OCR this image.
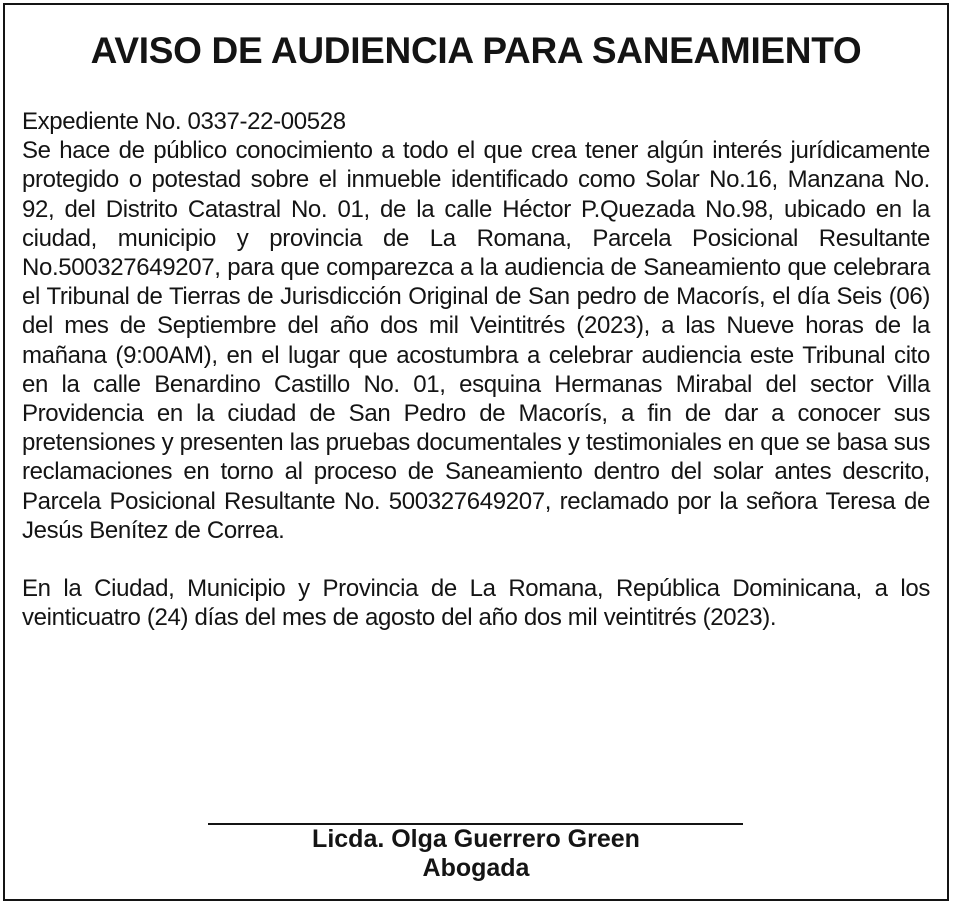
AVISO DE AUDIENCIA PARA SANEAMIENTO

Expediente No. 0337-22-00528

Se hace de público conocimiento a todo el que crea tener algún interés jurídicamente protegido o potestad sobre el inmueble identificado como Solar No.16, Manzana No. 92, del Distrito Catastral No. 01, de la calle Héctor P.Quezada No.98, ubicado en la ciudad, municipio y provincia de La Romana, Parcela Posicional Resultante No.500327649207, para que comparezca a la audiencia de Saneamiento que celebrara el Tribunal de Tierras de Jurisdicción Original de San pedro de Macorís, el día Seis (06) del mes de Septiembre del año dos mil Veintitrés (2023), a las Nueve horas de la mañana (9:00AM), en el lugar que acostumbra a celebrar audiencia este Tribunal cito en la calle Benardino Castillo No. 01, esquina Hermanas Mirabal del sector Villa Providencia en la ciudad de San Pedro de Macorís, a fin de dar a conocer sus pretensiones y presenten las pruebas documentales y testimoniales en que se basa sus reclamaciones en torno al proceso de Saneamiento dentro del solar antes descrito, Parcela Posicional Resultante No. 500327649207, reclamado por la señora Teresa de Jesús Benítez de Correa.

En la Ciudad, Municipio y Provincia de La Romana, República Dominicana, a los veinticuatro (24) días del mes de agosto del año dos mil veintitrés (2023).

Licda. Olga Guerrero Green

Abogada
